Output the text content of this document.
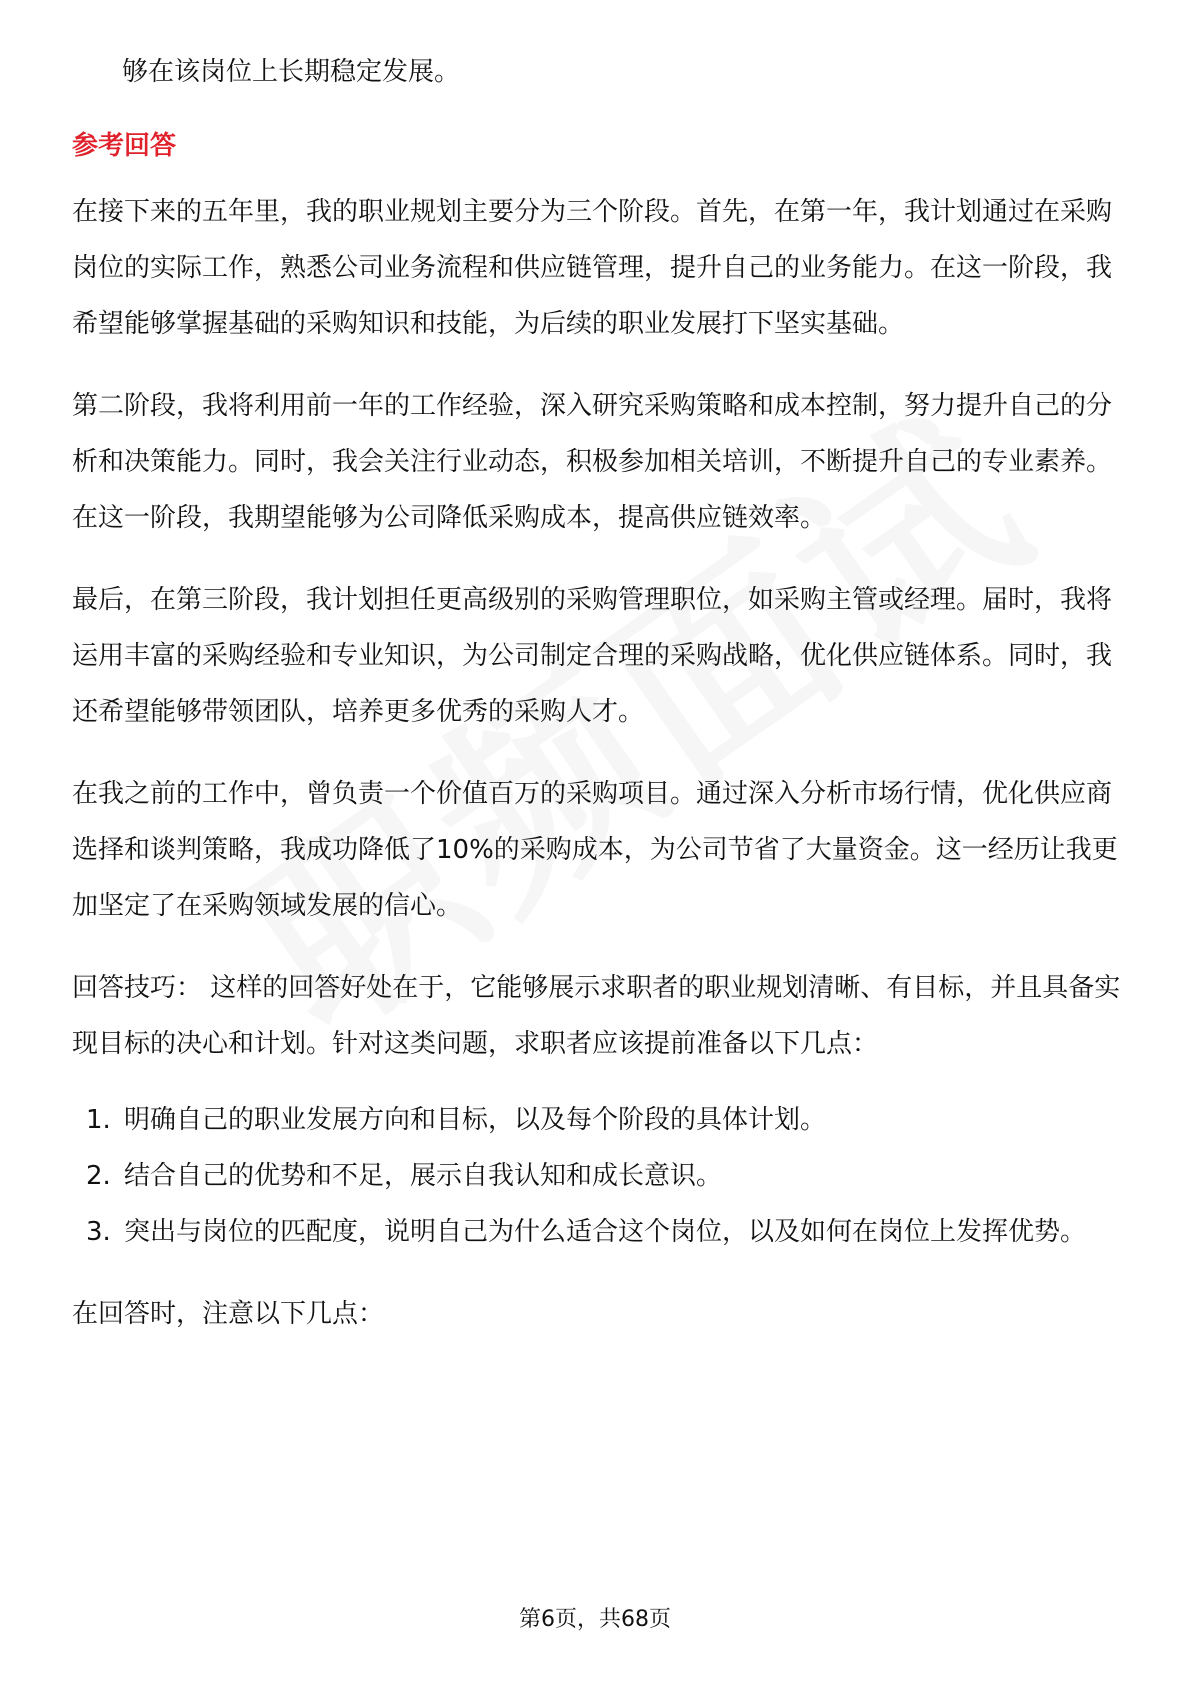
够在该岗位上长期稳定发展。

参考回答

在接下来的五年里，我的职业规划主要分为三个阶段。首先，在第一年，我计划通过在采购岗位的实际工作，熟悉公司业务流程和供应链管理，提升自己的业务能力。在这一阶段，我希望能够掌握基础的采购知识和技能，为后续的职业发展打下坚实基础。

第二阶段，我将利用前一年的工作经验，深入研究采购策略和成本控制，努力提升自己的分析和决策能力。同时，我会关注行业动态，积极参加相关培训，不断提升自己的专业素养。在这一阶段，我期望能够为公司降低采购成本，提高供应链效率。

最后，在第三阶段，我计划担任更高级别的采购管理职位，如采购主管或经理。届时，我将运用丰富的采购经验和专业知识，为公司制定合理的采购战略，优化供应链体系。同时，我还希望能够带领团队，培养更多优秀的采购人才。

在我之前的工作中，曾负责一个价值百万的采购项目。通过深入分析市场行情，优化供应商选择和谈判策略，我成功降低了10%的采购成本，为公司节省了大量资金。这一经历让我更加坚定了在采购领域发展的信心。

回答技巧： 这样的回答好处在于，它能够展示求职者的职业规划清晰、有目标，并且具备实现目标的决心和计划。针对这类问题，求职者应该提前准备以下几点：

1. 明确自己的职业发展方向和目标，以及每个阶段的具体计划。
2. 结合自己的优势和不足，展示自我认知和成长意识。
3. 突出与岗位的匹配度，说明自己为什么适合这个岗位，以及如何在岗位上发挥优势。

在回答时，注意以下几点：

第6页，共68页
